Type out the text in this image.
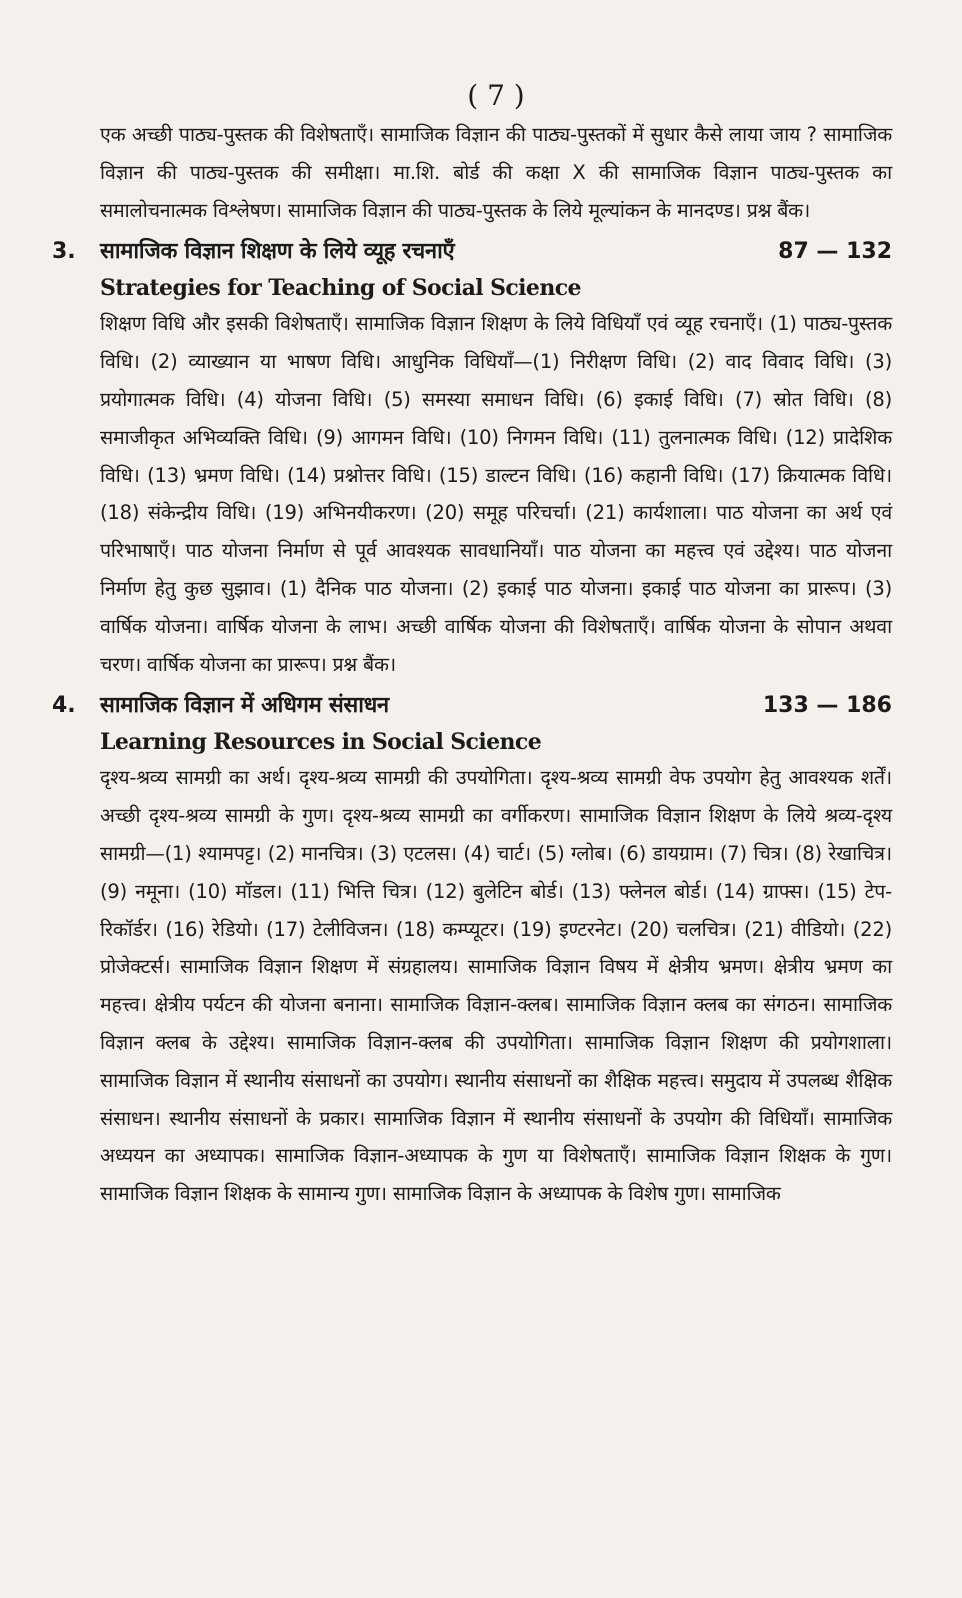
( 7 )

एक अच्छी पाठ्य-पुस्तक की विशेषताएँ। सामाजिक विज्ञान की पाठ्य-पुस्तकों में सुधार कैसे लाया जाय ? सामाजिक विज्ञान की पाठ्य-पुस्तक की समीक्षा। मा.शि. बोर्ड की कक्षा X की सामाजिक विज्ञान पाठ्य-पुस्तक का समालोचनात्मक विश्लेषण। सामाजिक विज्ञान की पाठ्य-पुस्तक के लिये मूल्यांकन के मानदण्ड। प्रश्न बैंक।

3. सामाजिक विज्ञान शिक्षण के लिये व्यूह रचनाएँ	87 — 132

Strategies for Teaching of Social Science

शिक्षण विधि और इसकी विशेषताएँ। सामाजिक विज्ञान शिक्षण के लिये विधियाँ एवं व्यूह रचनाएँ। (1) पाठ्य-पुस्तक विधि। (2) व्याख्यान या भाषण विधि। आधुनिक विधियाँ—(1) निरीक्षण विधि। (2) वाद विवाद विधि। (3) प्रयोगात्मक विधि। (4) योजना विधि। (5) समस्या समाधन विधि। (6) इकाई विधि। (7) स्रोत विधि। (8) समाजीकृत अभिव्यक्ति विधि। (9) आगमन विधि। (10) निगमन विधि। (11) तुलनात्मक विधि। (12) प्रादेशिक विधि। (13) भ्रमण विधि। (14) प्रश्नोत्तर विधि। (15) डाल्टन विधि। (16) कहानी विधि। (17) क्रियात्मक विधि। (18) संकेन्द्रीय विधि। (19) अभिनयीकरण। (20) समूह परिचर्चा। (21) कार्यशाला। पाठ योजना का अर्थ एवं परिभाषाएँ। पाठ योजना निर्माण से पूर्व आवश्यक सावधानियाँ। पाठ योजना का महत्त्व एवं उद्देश्य। पाठ योजना निर्माण हेतु कुछ सुझाव। (1) दैनिक पाठ योजना। (2) इकाई पाठ योजना। इकाई पाठ योजना का प्रारूप। (3) वार्षिक योजना। वार्षिक योजना के लाभ। अच्छी वार्षिक योजना की विशेषताएँ। वार्षिक योजना के सोपान अथवा चरण। वार्षिक योजना का प्रारूप। प्रश्न बैंक।

4. सामाजिक विज्ञान में अधिगम संसाधन	133 — 186

Learning Resources in Social Science

दृश्य-श्रव्य सामग्री का अर्थ। दृश्य-श्रव्य सामग्री की उपयोगिता। दृश्य-श्रव्य सामग्री वेफ उपयोग हेतु आवश्यक शर्तें। अच्छी दृश्य-श्रव्य सामग्री के गुण। दृश्य-श्रव्य सामग्री का वर्गीकरण। सामाजिक विज्ञान शिक्षण के लिये श्रव्य-दृश्य सामग्री—(1) श्यामपट्ट। (2) मानचित्र। (3) एटलस। (4) चार्ट। (5) ग्लोब। (6) डायग्राम। (7) चित्र। (8) रेखाचित्र। (9) नमूना। (10) मॉडल। (11) भित्ति चित्र। (12) बुलेटिन बोर्ड। (13) फ्लेनल बोर्ड। (14) ग्राफ्स। (15) टेप-रिकॉर्डर। (16) रेडियो। (17) टेलीविजन। (18) कम्प्यूटर। (19) इण्टरनेट। (20) चलचित्र। (21) वीडियो। (22) प्रोजेक्टर्स। सामाजिक विज्ञान शिक्षण में संग्रहालय। सामाजिक विज्ञान विषय में क्षेत्रीय भ्रमण। क्षेत्रीय भ्रमण का महत्त्व। क्षेत्रीय पर्यटन की योजना बनाना। सामाजिक विज्ञान-क्लब। सामाजिक विज्ञान क्लब का संगठन। सामाजिक विज्ञान क्लब के उद्देश्य। सामाजिक विज्ञान-क्लब की उपयोगिता। सामाजिक विज्ञान शिक्षण की प्रयोगशाला। सामाजिक विज्ञान में स्थानीय संसाधनों का उपयोग। स्थानीय संसाधनों का शैक्षिक महत्त्व। समुदाय में उपलब्ध शैक्षिक संसाधन। स्थानीय संसाधनों के प्रकार। सामाजिक विज्ञान में स्थानीय संसाधनों के उपयोग की विधियाँ। सामाजिक अध्ययन का अध्यापक। सामाजिक विज्ञान-अध्यापक के गुण या विशेषताएँ। सामाजिक विज्ञान शिक्षक के गुण। सामाजिक विज्ञान शिक्षक के सामान्य गुण। सामाजिक विज्ञान के अध्यापक के विशेष गुण। सामाजिक
